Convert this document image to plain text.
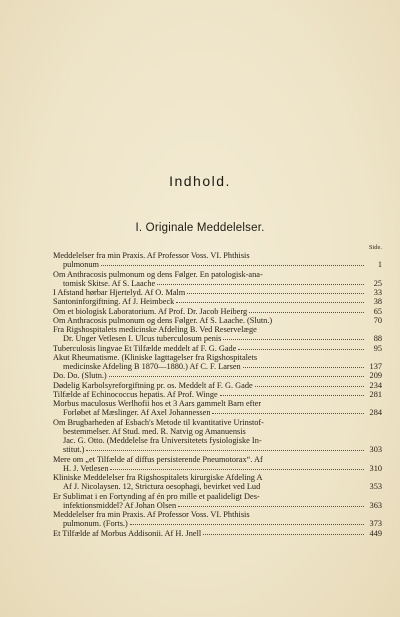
Indhold.
I. Originale Meddelelser.
Side.
Meddelelser fra min Praxis. Af Professor Voss. VI. Phthisis
pulmonum	1
Om Anthracosis pulmonum og dens Følger. En patologisk-ana-
tomisk Skitse. Af S. Laache	25
I Afstand hørbar Hjertelyd. Af O. Malm	33
Santoninforgiftning. Af J. Heimbeck	38
Om et biologisk Laboratorium. Af Prof. Dr. Jacob Heiberg	65
Om Anthracosis pulmonum og dens Følger. Af S. Laache. (Slutn.)	70
Fra Rigshospitalets medicinske Afdeling B. Ved Reservelæge
Dr. Unger Vetlesen I. Ulcus tuberculosum penis	88
Tuberculosis lingvae Et Tilfælde meddelt af F. G. Gade	95
Akut Rheumatisme. (Kliniske Iagttagelser fra Rigshospitalets
medicinske Afdeling B 1870—1880.) Af C. F. Larsen	137
Do. Do. (Slutn.)	209
Dødelig Karbolsyreforgiftning pr. os. Meddelt af F. G. Gade	234
Tilfælde af Echinococcus hepatis. Af Prof. Winge	281
Morbus maculosus Werlhofii hos et 3 Aars gammelt Barn efter
Forløbet af Mæslinger. Af Axel Johannessen	284
Om Brugbarheden af Esbach's Metode til kvantitative Urinstof-
bestemmelser. Af Stud. med. R. Natvig og Amanuensis
Jac. G. Otto. (Meddelelse fra Universitetets fysiologiske In-
stitut.)	303
Mere om „et Tilfælde af diffus persisterende Pneumotorax“. Af
H. J. Vetlesen	310
Kliniske Meddelelser fra Rigshospitalets kirurgiske Afdeling A
Af J. Nicolaysen. 12, Strictura oesophagi, bevirket ved Lud	353
Er Sublimat i en Fortynding af én pro mille et paalideligt Des-
infektionsmiddel? Af Johan Olsen	363
Meddelelser fra min Praxis. Af Professor Voss. VI. Phthisis
pulmonum. (Forts.)	373
Et Tilfælde af Morbus Addisonii. Af H. Jnell	449
